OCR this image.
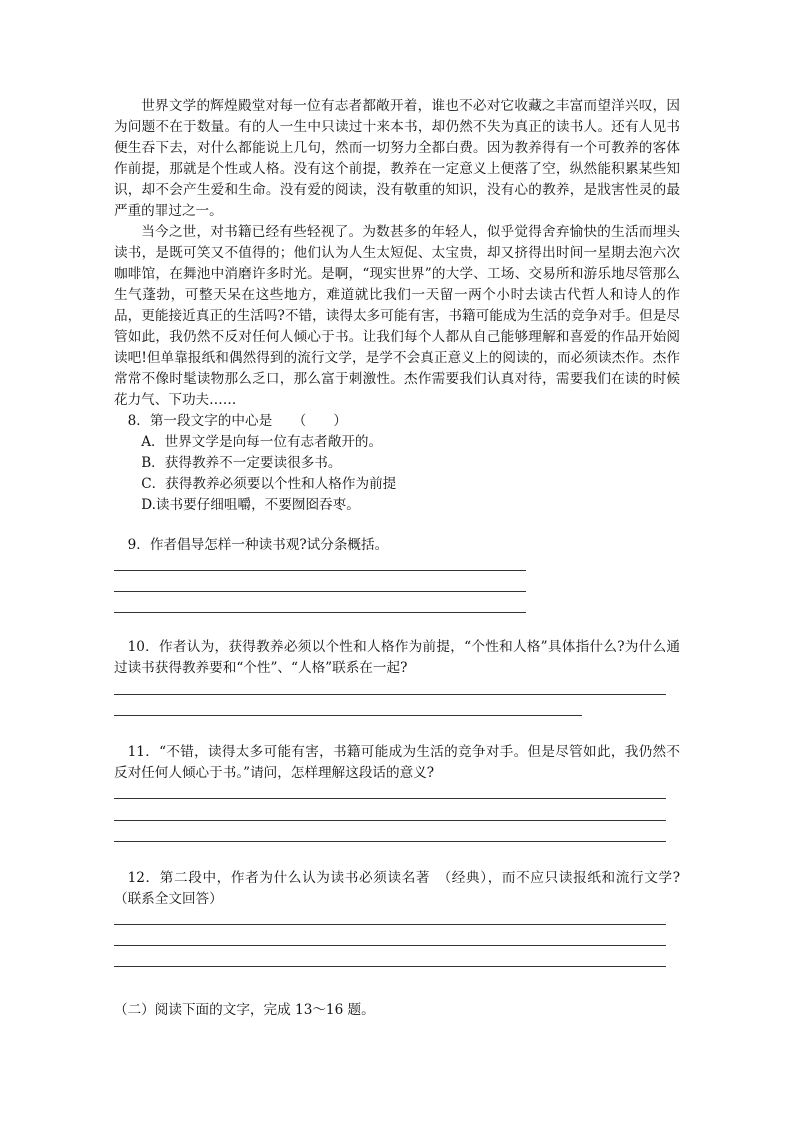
世界文学的辉煌殿堂对每一位有志者都敞开着，谁也不必对它收藏之丰富而望洋兴叹，因为问题不在于数量。有的人一生中只读过十来本书，却仍然不失为真正的读书人。还有人见书便生吞下去，对什么都能说上几句，然而一切努力全都白费。因为教养得有一个可教养的客体作前提，那就是个性或人格。没有这个前提，教养在一定意义上便落了空，纵然能积累某些知识，却不会产生爱和生命。没有爱的阅读，没有敬重的知识，没有心的教养，是戕害性灵的最严重的罪过之一。

当今之世，对书籍已经有些轻视了。为数甚多的年轻人，似乎觉得舍弃愉快的生活而埋头读书，是既可笑又不值得的；他们认为人生太短促、太宝贵，却又挤得出时间一星期去泡六次咖啡馆，在舞池中消磨许多时光。是啊，“现实世界”的大学、工场、交易所和游乐地尽管那么生气蓬勃，可整天呆在这些地方，难道就比我们一天留一两个小时去读古代哲人和诗人的作品，更能接近真正的生活吗?不错，读得太多可能有害，书籍可能成为生活的竞争对手。但是尽管如此，我仍然不反对任何人倾心于书。让我们每个人都从自己能够理解和喜爱的作品开始阅读吧!但单靠报纸和偶然得到的流行文学，是学不会真正意义上的阅读的，而必须读杰作。杰作常常不像时髦读物那么乏口，那么富于刺激性。杰作需要我们认真对待，需要我们在读的时候花力气、下功夫……

8．第一段文字的中心是　　（　　）

A．世界文学是向每一位有志者敞开的。

B．获得教养不一定要读很多书。

C．获得教养必须要以个性和人格作为前提

D.读书要仔细咀嚼，不要囫囵吞枣。

9．作者倡导怎样一种读书观?试分条概括。

10．作者认为，获得教养必须以个性和人格作为前提，“个性和人格”具体指什么?为什么通过读书获得教养要和“个性”、“人格”联系在一起?

11．“不错，读得太多可能有害，书籍可能成为生活的竞争对手。但是尽管如此，我仍然不反对任何人倾心于书。”请问，怎样理解这段话的意义?

12．第二段中，作者为什么认为读书必须读名著　（经典），而不应只读报纸和流行文学?（联系全文回答）

（二）阅读下面的文字，完成 13～16 题。
